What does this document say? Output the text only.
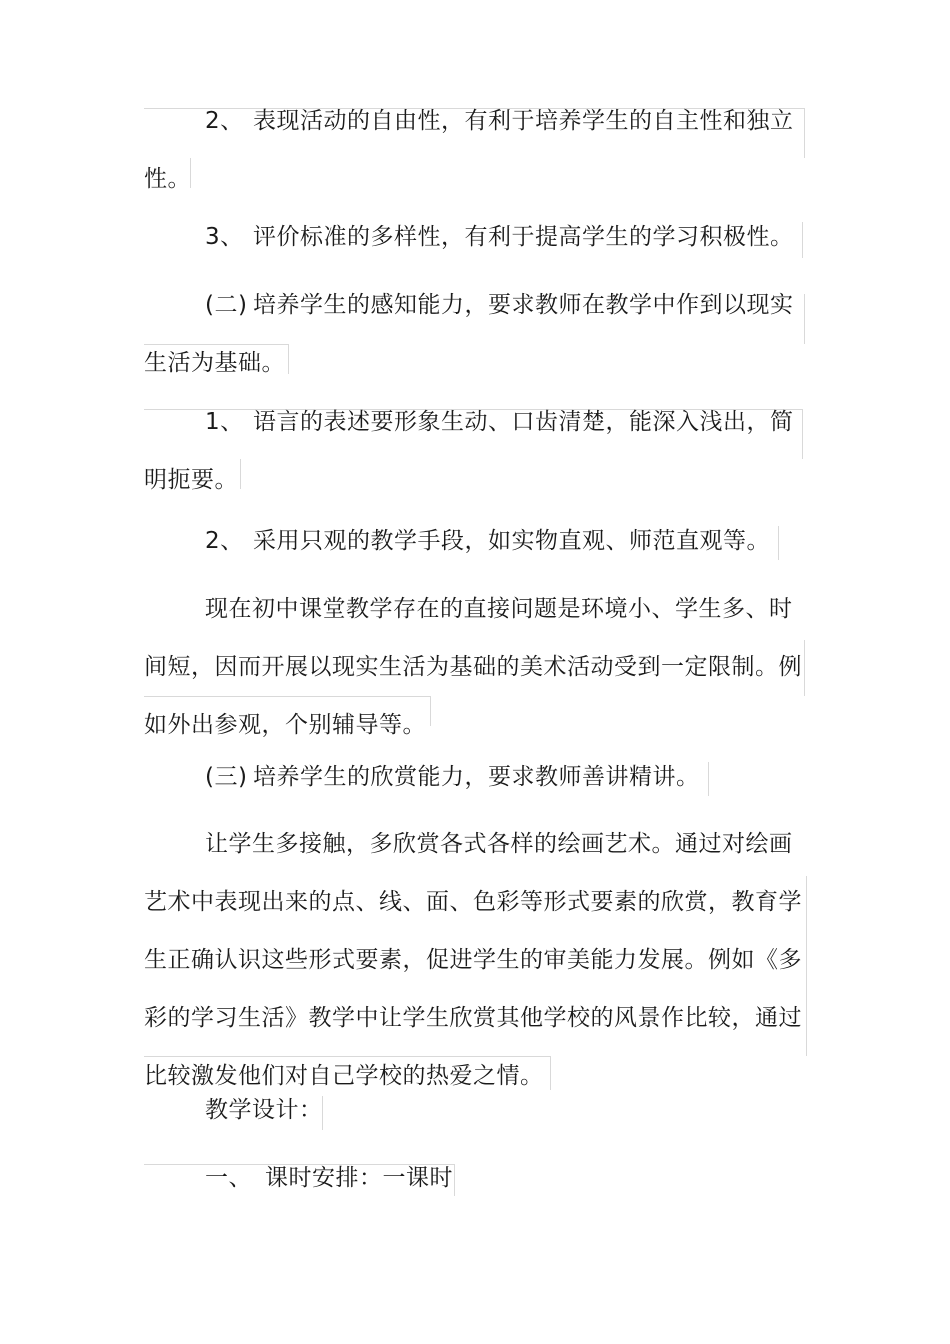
2、 表现活动的自由性，有利于培养学生的自主性和独立
性。

3、 评价标准的多样性，有利于提高学生的学习积极性。

(二) 培养学生的感知能力，要求教师在教学中作到以现实
生活为基础。

1、 语言的表述要形象生动、口齿清楚，能深入浅出，简
明扼要。

2、 采用只观的教学手段，如实物直观、师范直观等。

现在初中课堂教学存在的直接问题是环境小、学生多、时
间短，因而开展以现实生活为基础的美术活动受到一定限制。例
如外出参观，个别辅导等。

(三) 培养学生的欣赏能力，要求教师善讲精讲。

让学生多接触，多欣赏各式各样的绘画艺术。通过对绘画
艺术中表现出来的点、线、面、色彩等形式要素的欣赏，教育学
生正确认识这些形式要素，促进学生的审美能力发展。例如《多
彩的学习生活》教学中让学生欣赏其他学校的风景作比较，通过
比较激发他们对自己学校的热爱之情。

教学设计：

一、 课时安排：一课时
